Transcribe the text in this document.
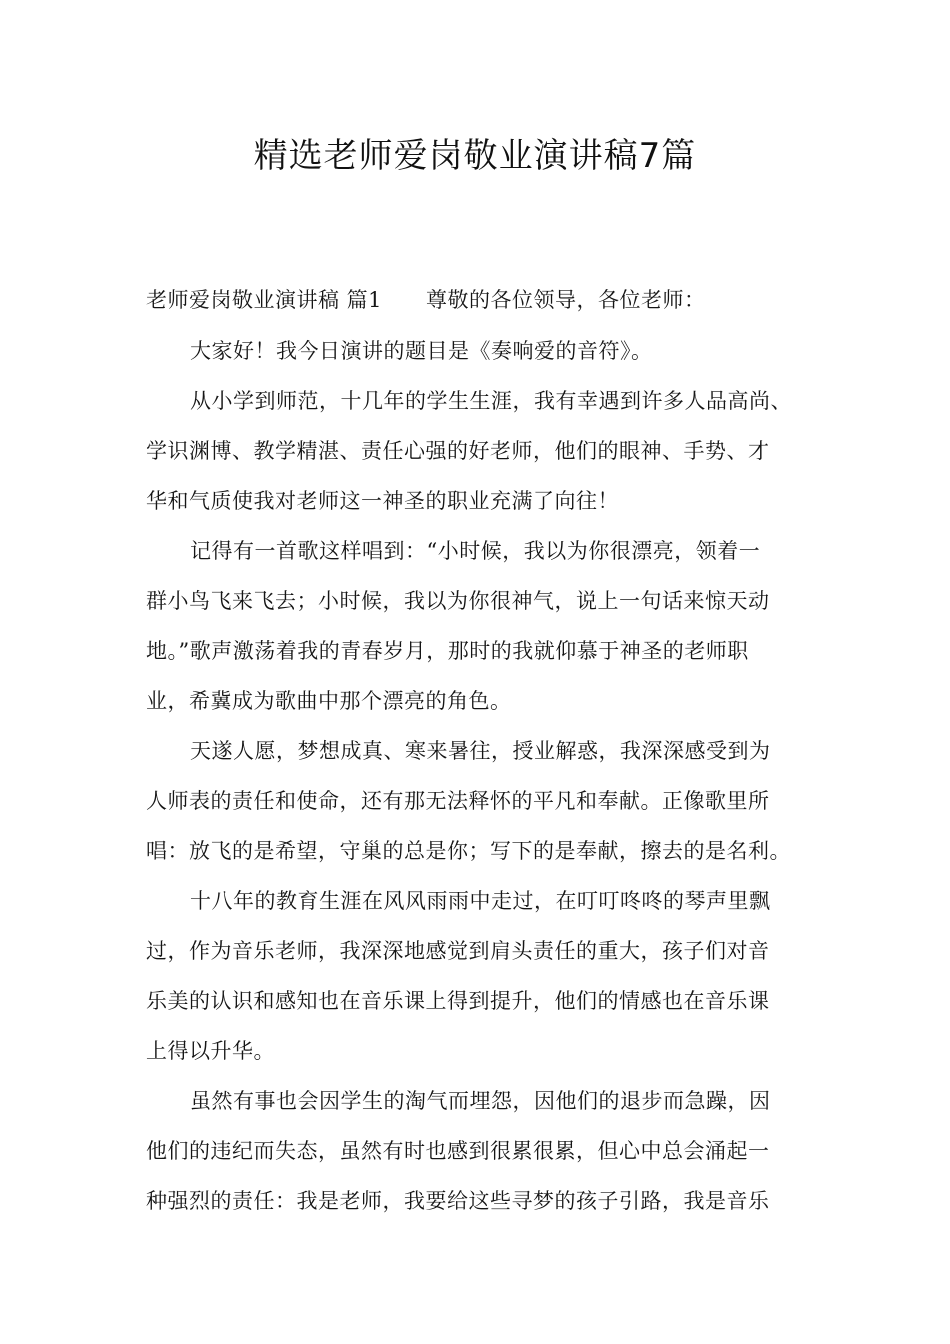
精选老师爱岗敬业演讲稿7篇
老师爱岗敬业演讲稿 篇1 尊敬的各位领导，各位老师：
大家好！我今日演讲的题目是《奏响爱的音符》。
从小学到师范，十几年的学生生涯，我有幸遇到许多人品高尚、
学识渊博、教学精湛、责任心强的好老师，他们的眼神、手势、才
华和气质使我对老师这一神圣的职业充满了向往！
记得有一首歌这样唱到：“小时候，我以为你很漂亮，领着一
群小鸟飞来飞去；小时候，我以为你很神气，说上一句话来惊天动
地。”歌声激荡着我的青春岁月，那时的我就仰慕于神圣的老师职
业，希冀成为歌曲中那个漂亮的角色。
天遂人愿，梦想成真、寒来暑往，授业解惑，我深深感受到为
人师表的责任和使命，还有那无法释怀的平凡和奉献。正像歌里所
唱：放飞的是希望，守巢的总是你；写下的是奉献，擦去的是名利。
十八年的教育生涯在风风雨雨中走过，在叮叮咚咚的琴声里飘
过，作为音乐老师，我深深地感觉到肩头责任的重大，孩子们对音
乐美的认识和感知也在音乐课上得到提升，他们的情感也在音乐课
上得以升华。
虽然有事也会因学生的淘气而埋怨，因他们的退步而急躁，因
他们的违纪而失态，虽然有时也感到很累很累，但心中总会涌起一
种强烈的责任：我是老师，我要给这些寻梦的孩子引路，我是音乐
